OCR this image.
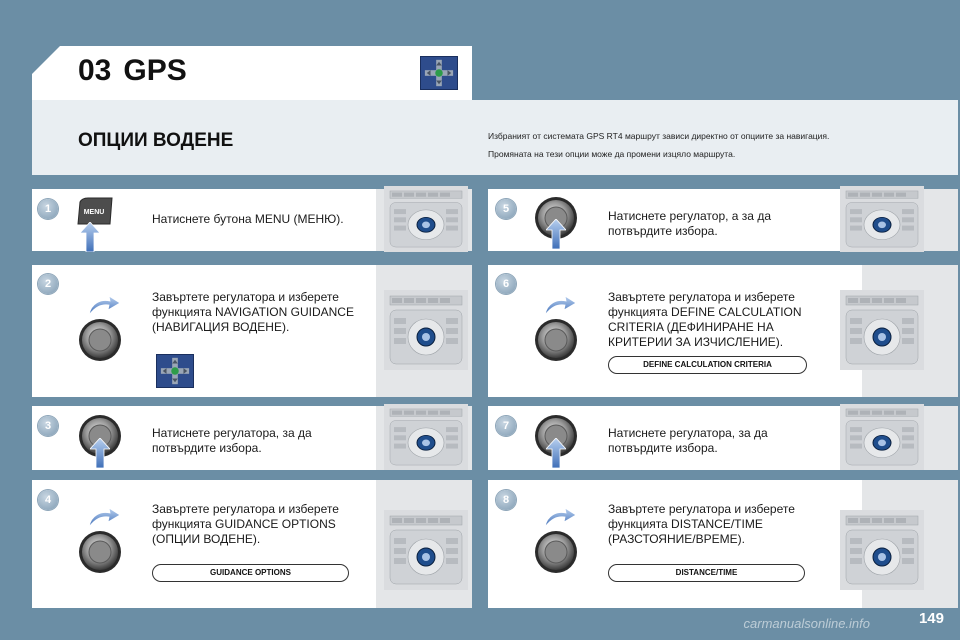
03 GPS
ОПЦИИ ВОДЕНЕ	Избраният от системата GPS RT4 маршрут зависи директно от опциите за навигация.
Промяната на тези опции може да промени изцяло маршрута.
1	MENU	Натиснете бутона MENU (МЕНЮ).
2
Завъртете регулатора и изберете
функцията NAVIGATION GUIDANCE
(НАВИГАЦИЯ ВОДЕНЕ).
3	Натиснете регулатора, за да
потвърдите избора.
4
Завъртете регулатора и изберете
функцията GUIDANCE OPTIONS
(ОПЦИИ ВОДЕНЕ).
GUIDANCE OPTIONS
5	Натиснете регулатор, а за да
потвърдите избора.
6
Завъртете регулатора и изберете
функцията DEFINE CALCULATION
CRITERIA (ДЕФИНИРАНЕ НА
КРИТЕРИИ ЗА ИЗЧИСЛЕНИЕ).
DEFINE CALCULATION CRITERIA
7	Натиснете регулатора, за да
потвърдите избора.
8
Завъртете регулатора и изберете
функцията DISTANCE/TIME
(РАЗСТОЯНИЕ/ВРЕМЕ).
DISTANCE/TIME
carmanualsonline.info	149
